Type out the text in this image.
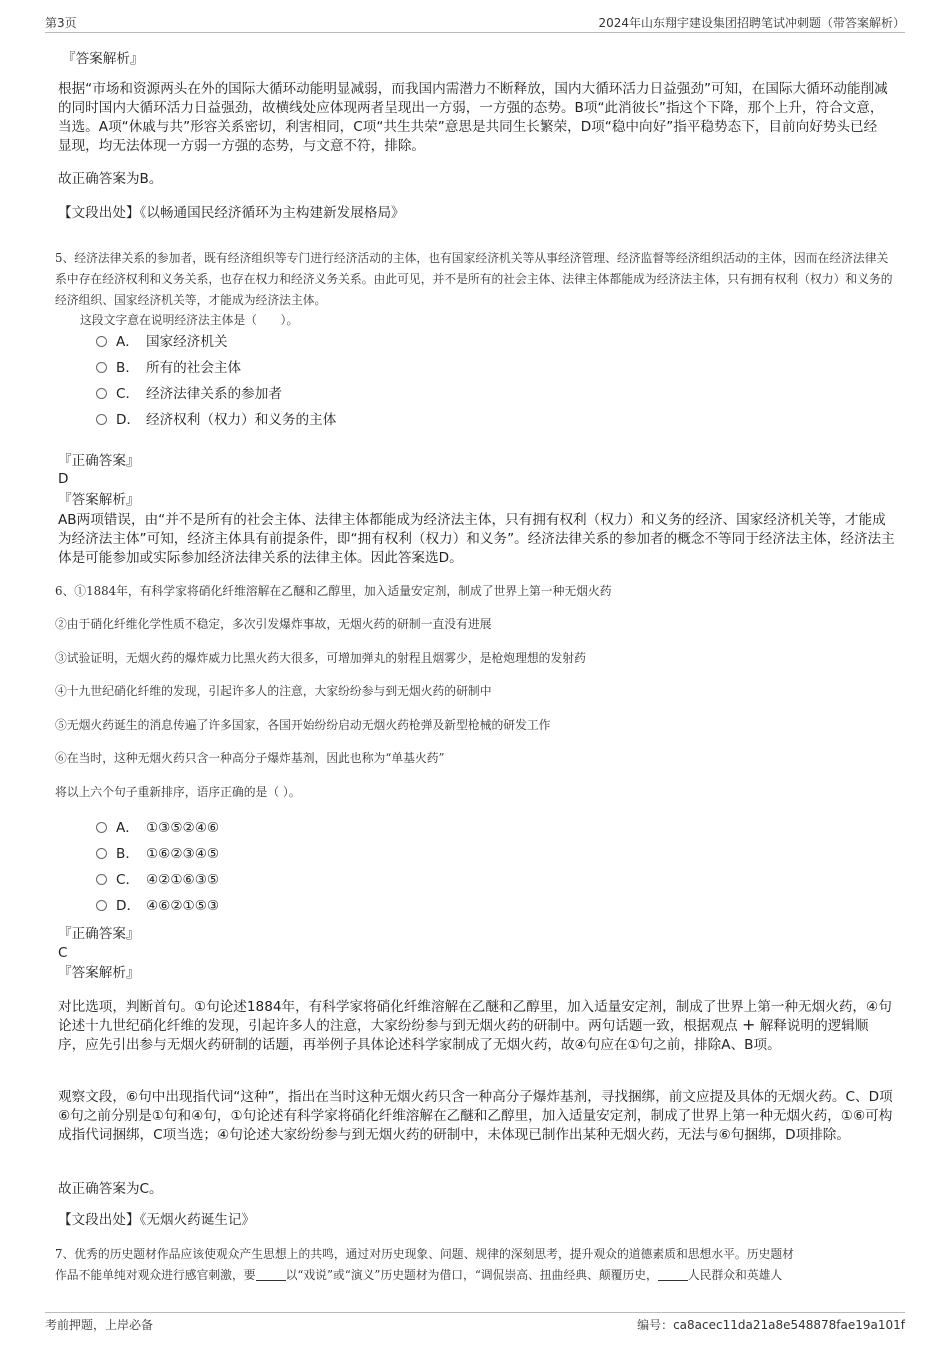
第3页	2024年山东翔宇建设集团招聘笔试冲刺题（带答案解析）
『答案解析』
根据“市场和资源两头在外的国际大循环动能明显减弱，而我国内需潜力不断释放，国内大循环活力日益强劲”可知，在国际大循环动能削减的同时国内大循环活力日益强劲，故横线处应体现两者呈现出一方弱，一方强的态势。B项“此消彼长”指这个下降，那个上升，符合文意，当选。A项“休戚与共”形容关系密切，利害相同，C项“共生共荣”意思是共同生长繁荣，D项“稳中向好”指平稳势态下，目前向好势头已经显现，均无法体现一方弱一方强的态势，与文意不符，排除。
故正确答案为B。
【文段出处】《以畅通国民经济循环为主构建新发展格局》
5、经济法律关系的参加者，既有经济组织等专门进行经济活动的主体，也有国家经济机关等从事经济管理、经济监督等经济组织活动的主体，因而在经济法律关系中存在经济权利和义务关系，也存在权力和经济义务关系。由此可见，并不是所有的社会主体、法律主体都能成为经济法主体，只有拥有权利（权力）和义务的经济组织、国家经济机关等，才能成为经济法主体。
这段文字意在说明经济法主体是（　　）。
A． 国家经济机关
B． 所有的社会主体
C． 经济法律关系的参加者
D． 经济权利（权力）和义务的主体
『正确答案』
D
『答案解析』
AB两项错误，由“并不是所有的社会主体、法律主体都能成为经济法主体，只有拥有权利（权力）和义务的经济、国家经济机关等，才能成为经济法主体”可知，经济主体具有前提条件，即“拥有权利（权力）和义务”。经济法律关系的参加者的概念不等同于经济法主体，经济法主体是可能参加或实际参加经济法律关系的法律主体。因此答案选D。
6、①1884年，有科学家将硝化纤维溶解在乙醚和乙醇里，加入适量安定剂，制成了世界上第一种无烟火药
②由于硝化纤维化学性质不稳定，多次引发爆炸事故，无烟火药的研制一直没有进展
③试验证明，无烟火药的爆炸威力比黑火药大很多，可增加弹丸的射程且烟雾少，是枪炮理想的发射药
④十九世纪硝化纤维的发现，引起许多人的注意，大家纷纷参与到无烟火药的研制中
⑤无烟火药诞生的消息传遍了许多国家，各国开始纷纷启动无烟火药枪弹及新型枪械的研发工作
⑥在当时，这种无烟火药只含一种高分子爆炸基剂，因此也称为“单基火药”
将以上六个句子重新排序，语序正确的是（ ）。
A． ①③⑤②④⑥
B． ①⑥②③④⑤
C． ④②①⑥③⑤
D． ④⑥②①⑤③
『正确答案』
C
『答案解析』
对比选项，判断首句。①句论述1884年，有科学家将硝化纤维溶解在乙醚和乙醇里，加入适量安定剂，制成了世界上第一种无烟火药，④句论述十九世纪硝化纤维的发现，引起许多人的注意，大家纷纷参与到无烟火药的研制中。两句话题一致，根据观点 + 解释说明的逻辑顺序，应先引出参与无烟火药研制的话题，再举例子具体论述科学家制成了无烟火药，故④句应在①句之前，排除A、B项。
观察文段，⑥句中出现指代词“这种”，指出在当时这种无烟火药只含一种高分子爆炸基剂，寻找捆绑，前文应提及具体的无烟火药。C、D项⑥句之前分别是①句和④句，①句论述有科学家将硝化纤维溶解在乙醚和乙醇里，加入适量安定剂，制成了世界上第一种无烟火药，①⑥可构成指代词捆绑，C项当选；④句论述大家纷纷参与到无烟火药的研制中，未体现已制作出某种无烟火药，无法与⑥句捆绑，D项排除。
故正确答案为C。
【文段出处】《无烟火药诞生记》
7、优秀的历史题材作品应该使观众产生思想上的共鸣，通过对历史现象、问题、规律的深刻思考，提升观众的道德素质和思想水平。历史题材
作品不能单纯对观众进行感官刺激，要	以“戏说”或“演义”历史题材为借口，“调侃崇高、扭曲经典、颠覆历史，	人民群众和英雄人
考前押题，上岸必备	编号：ca8acec11da21a8e548878fae19a101f
